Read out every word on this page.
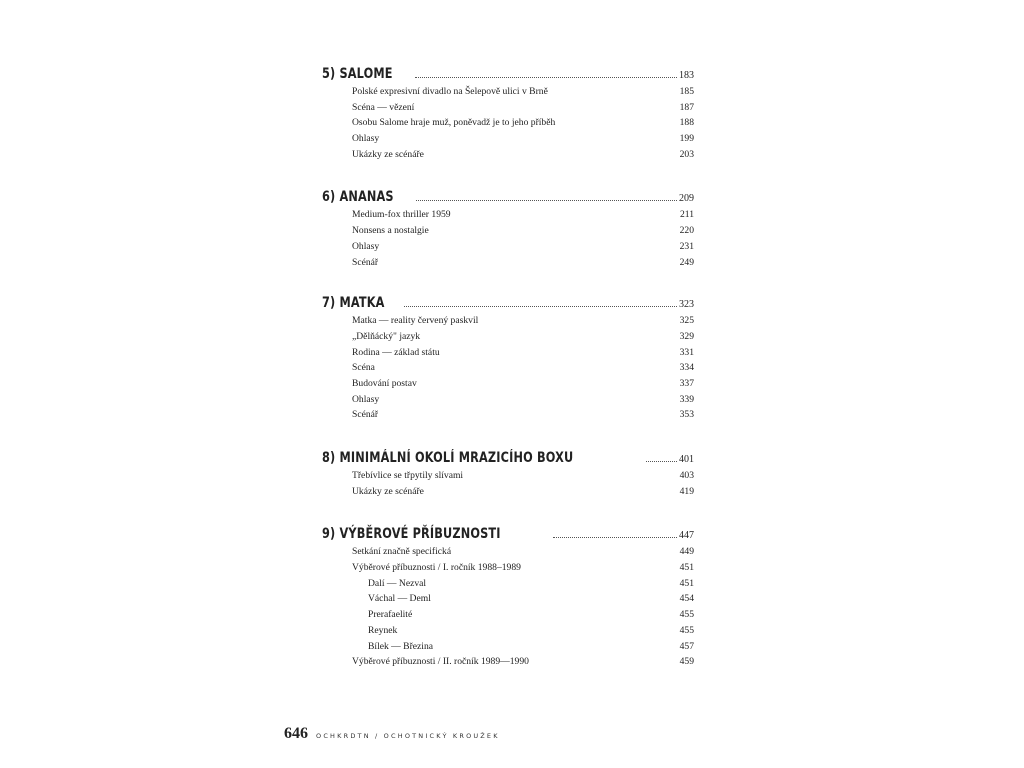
5) SALOME	183
Polské expresivní divadlo na Šelepově ulici v Brně	185
Scéna — vězení	187
Osobu Salome hraje muž, poněvadž je to jeho příběh	188
Ohlasy	199
Ukázky ze scénáře	203
6) ANANAS	209
Medium-fox thriller 1959	211
Nonsens a nostalgie	220
Ohlasy	231
Scénář	249
7) MATKA	323
Matka — reality červený paskvil	325
„Dělňácký" jazyk	329
Rodina — základ státu	331
Scéna	334
Budování postav	337
Ohlasy	339
Scénář	353
8) MINIMÁLNÍ OKOLÍ MRAZICÍHO BOXU	401
Třebívlice se třpytily slívami	403
Ukázky ze scénáře	419
9) VÝBĚROVÉ PŘÍBUZNOSTI	447
Setkání značně specifická	449
Výběrové příbuznosti / I. ročník 1988–1989	451
Dalí — Nezval	451
Váchal — Deml	454
Prerafaelité	455
Reynek	455
Bílek — Březina	457
Výběrové příbuznosti / II. ročník 1989—1990	459
646 OCHKRDTN / OCHOTNICKÝ KROUŽEK
